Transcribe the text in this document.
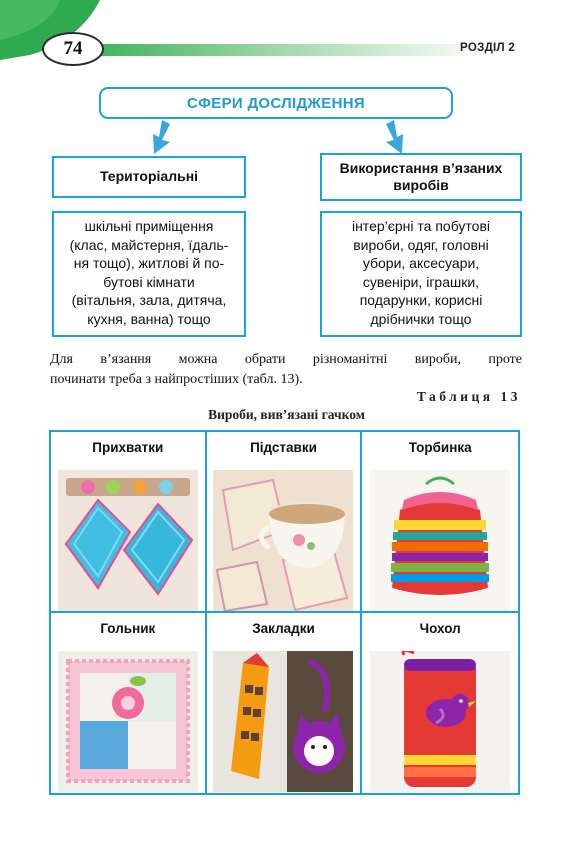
74	РОЗДІЛ 2
СФЕРИ ДОСЛІДЖЕННЯ
Територіальні
шкільні приміщення
(клас, майстерня, їдаль-
ня тощо), житлові й по-
бутові кімнати
(вітальня, зала, дитяча,
кухня, ванна) тощо
Використання в’язаних
виробів
інтер’єрні та побутові
вироби, одяг, головні
убори, аксесуари,
сувеніри, іграшки,
подарунки, корисні
дрібнички тощо
Для в’язання можна обрати різноманітні вироби, проте
починати треба з найпростіших (табл. 13).
Таблиця 13
Вироби, вив’язані гачком
Прихватки	Підставки	Торбинка
Гольник	Закладки	Чохол
